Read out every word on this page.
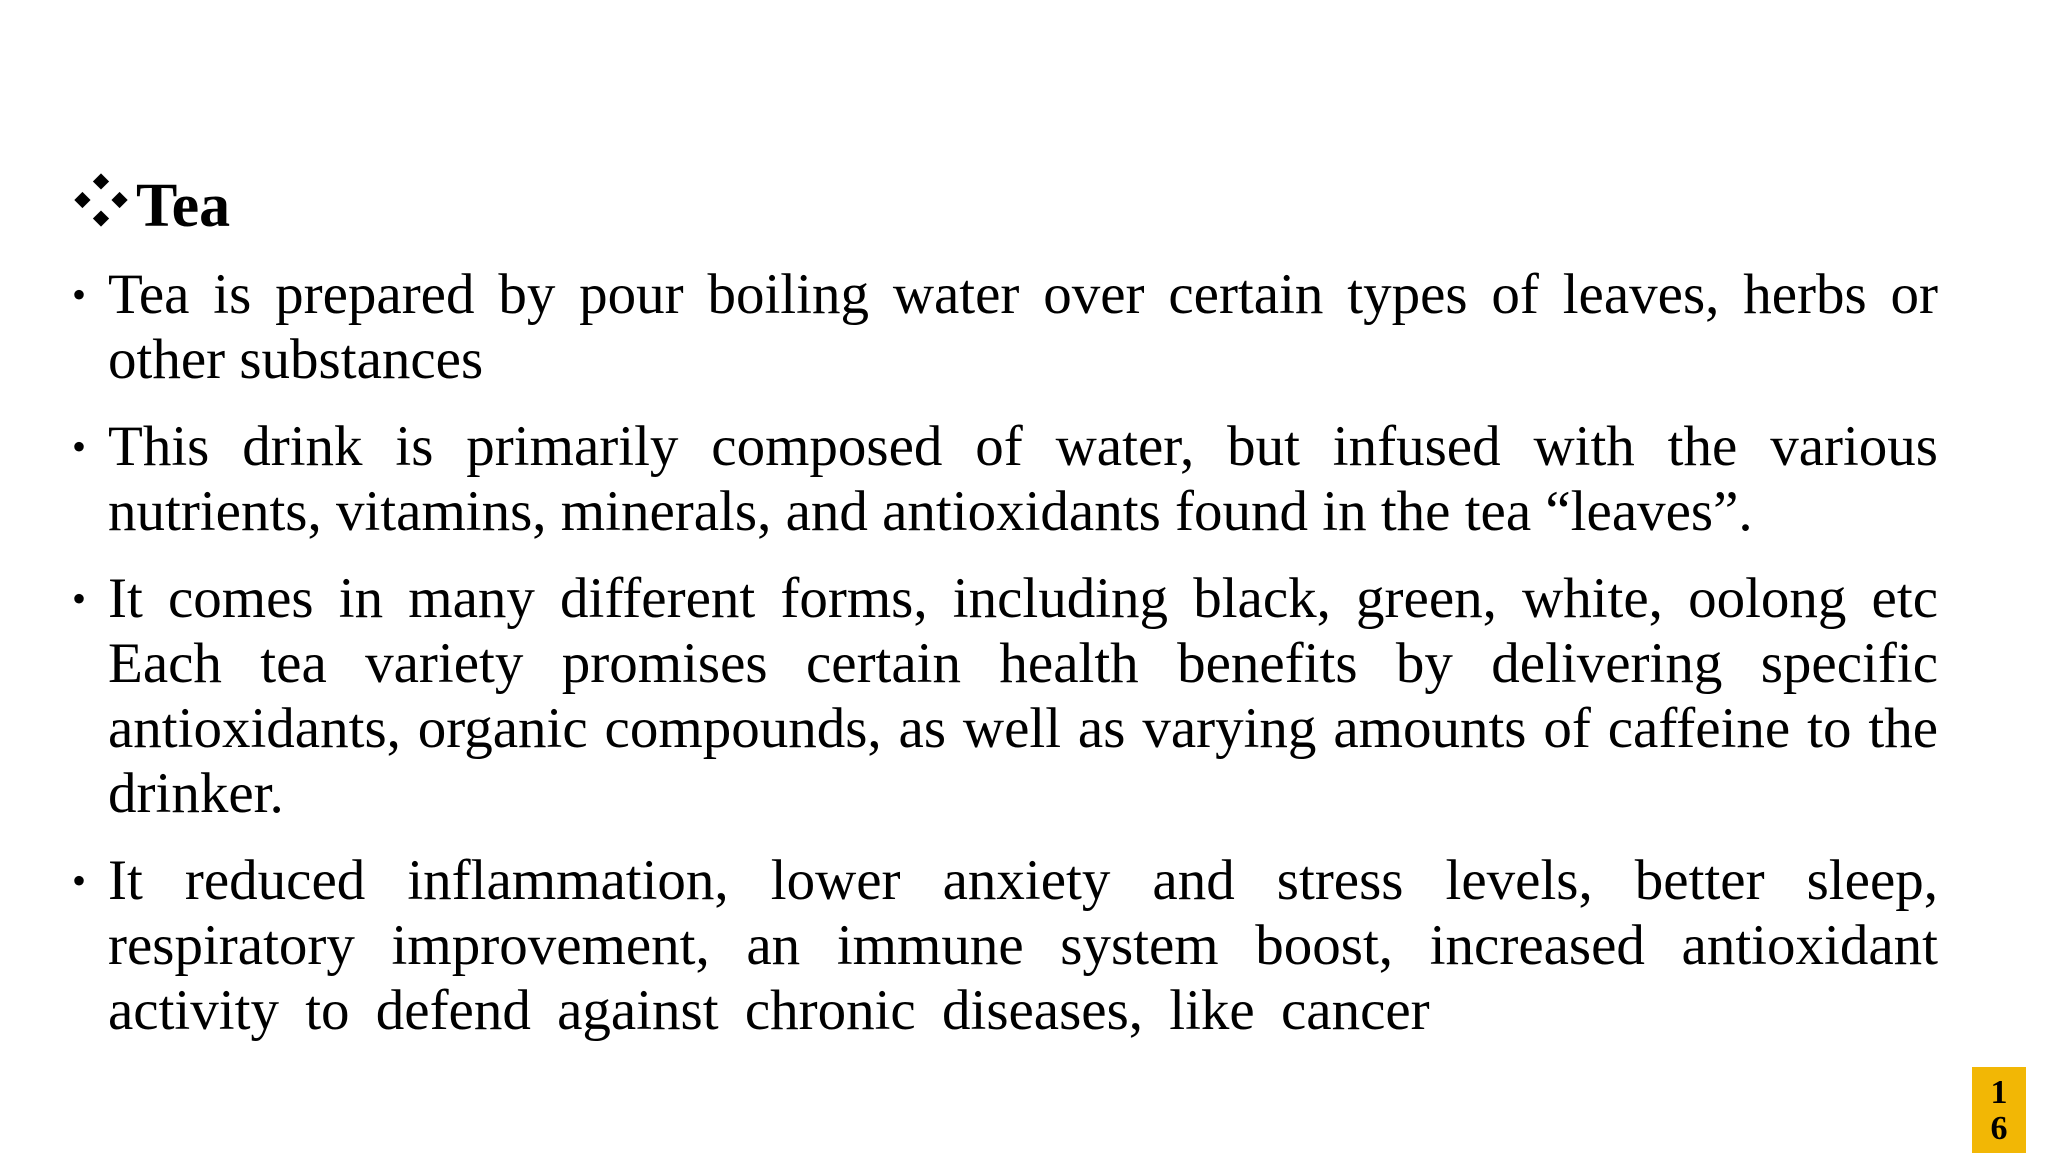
Tea
• Tea is prepared by pour boiling water over certain types of leaves, herbs or other substances
• This drink is primarily composed of water, but infused with the various nutrients, vitamins, minerals, and antioxidants found in the tea “leaves”.
• It comes in many different forms, including black, green, white, oolong etc Each tea variety promises certain health benefits by delivering specific antioxidants, organic compounds, as well as varying amounts of caffeine to the drinker.
• It reduced inflammation, lower anxiety and stress levels, better sleep, respiratory improvement, an immune system boost, increased antioxidant activity to defend against chronic diseases, like cancer
1
6
